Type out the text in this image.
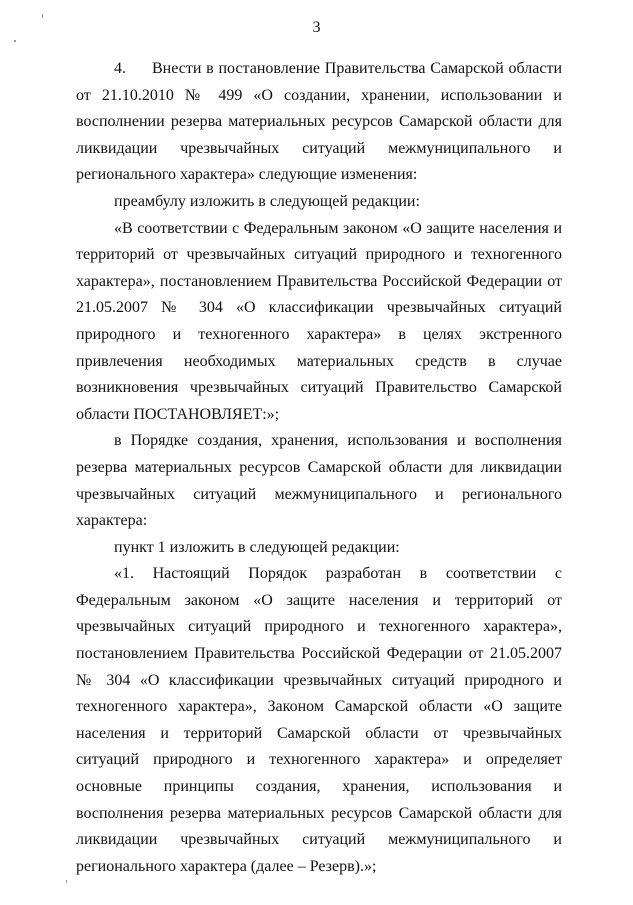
3

4. Внести в постановление Правительства Самарской области от 21.10.2010 № 499 «О создании, хранении, использовании и восполнении резерва материальных ресурсов Самарской области для ликвидации чрезвычайных ситуаций межмуниципального и регионального характера» следующие изменения:

преамбулу изложить в следующей редакции:

«В соответствии с Федеральным законом «О защите населения и территорий от чрезвычайных ситуаций природного и техногенного характера», постановлением Правительства Российской Федерации от 21.05.2007 № 304 «О классификации чрезвычайных ситуаций природного и техногенного характера» в целях экстренного привлечения необходимых материальных средств в случае возникновения чрезвычайных ситуаций Правительство Самарской области ПОСТАНОВЛЯЕТ:»;

в Порядке создания, хранения, использования и восполнения резерва материальных ресурсов Самарской области для ликвидации чрезвычайных ситуаций межмуниципального и регионального характера:

пункт 1 изложить в следующей редакции:

«1. Настоящий Порядок разработан в соответствии с Федеральным законом «О защите населения и территорий от чрезвычайных ситуаций природного и техногенного характера», постановлением Правительства Российской Федерации от 21.05.2007 № 304 «О классификации чрезвычайных ситуаций природного и техногенного характера», Законом Самарской области «О защите населения и территорий Самарской области от чрезвычайных ситуаций природного и техногенного характера» и определяет основные принципы создания, хранения, использования и восполнения резерва материальных ресурсов Самарской области для ликвидации чрезвычайных ситуаций межмуниципального и регионального характера (далее – Резерв).»;
